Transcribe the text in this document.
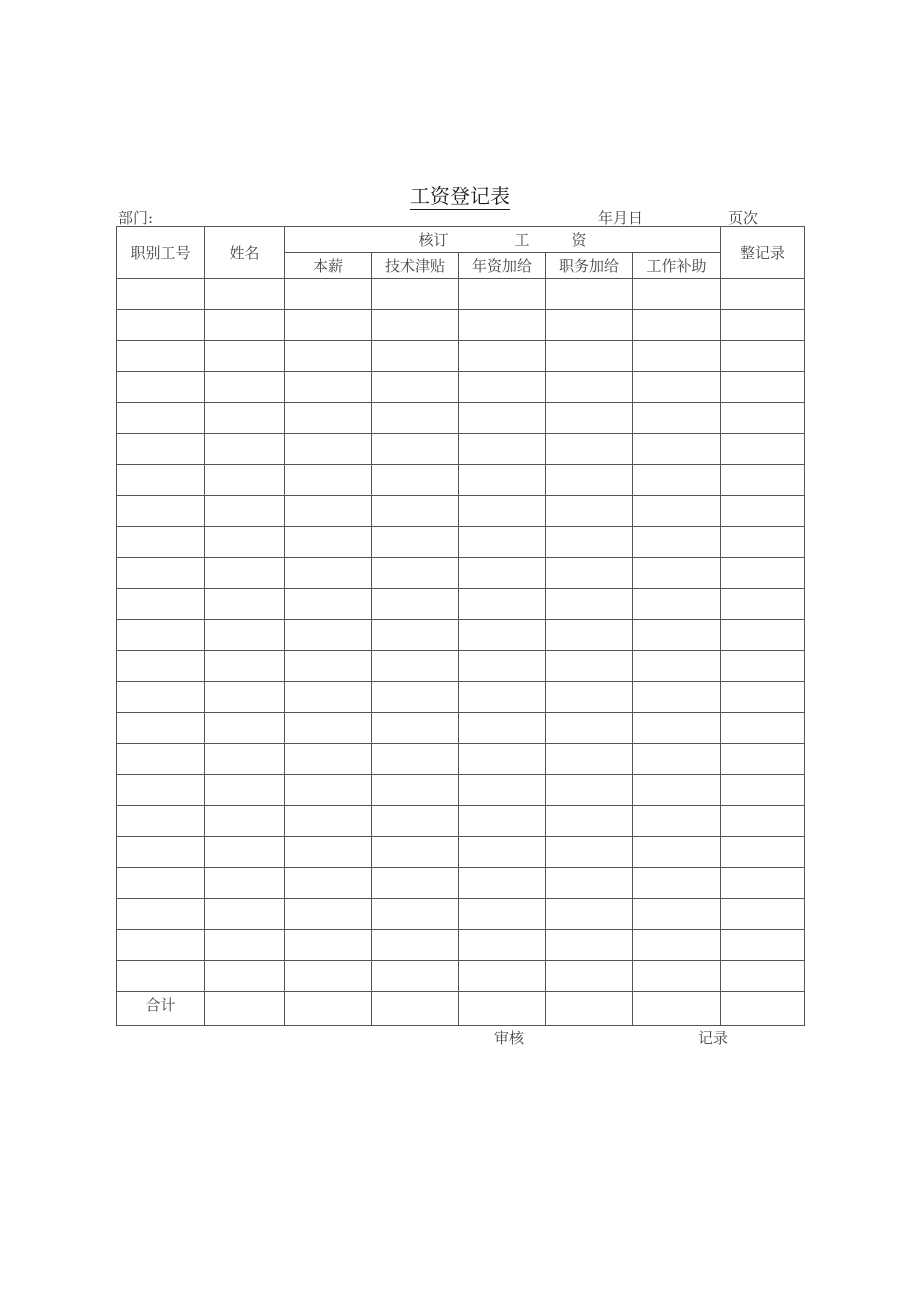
工资登记表
部门:	年月日	页次
职别工号	姓名	核订 工 资					整记录
		本薪	技术津贴	年资加给	职务加给	工作补助	

合计							
审核	记录
